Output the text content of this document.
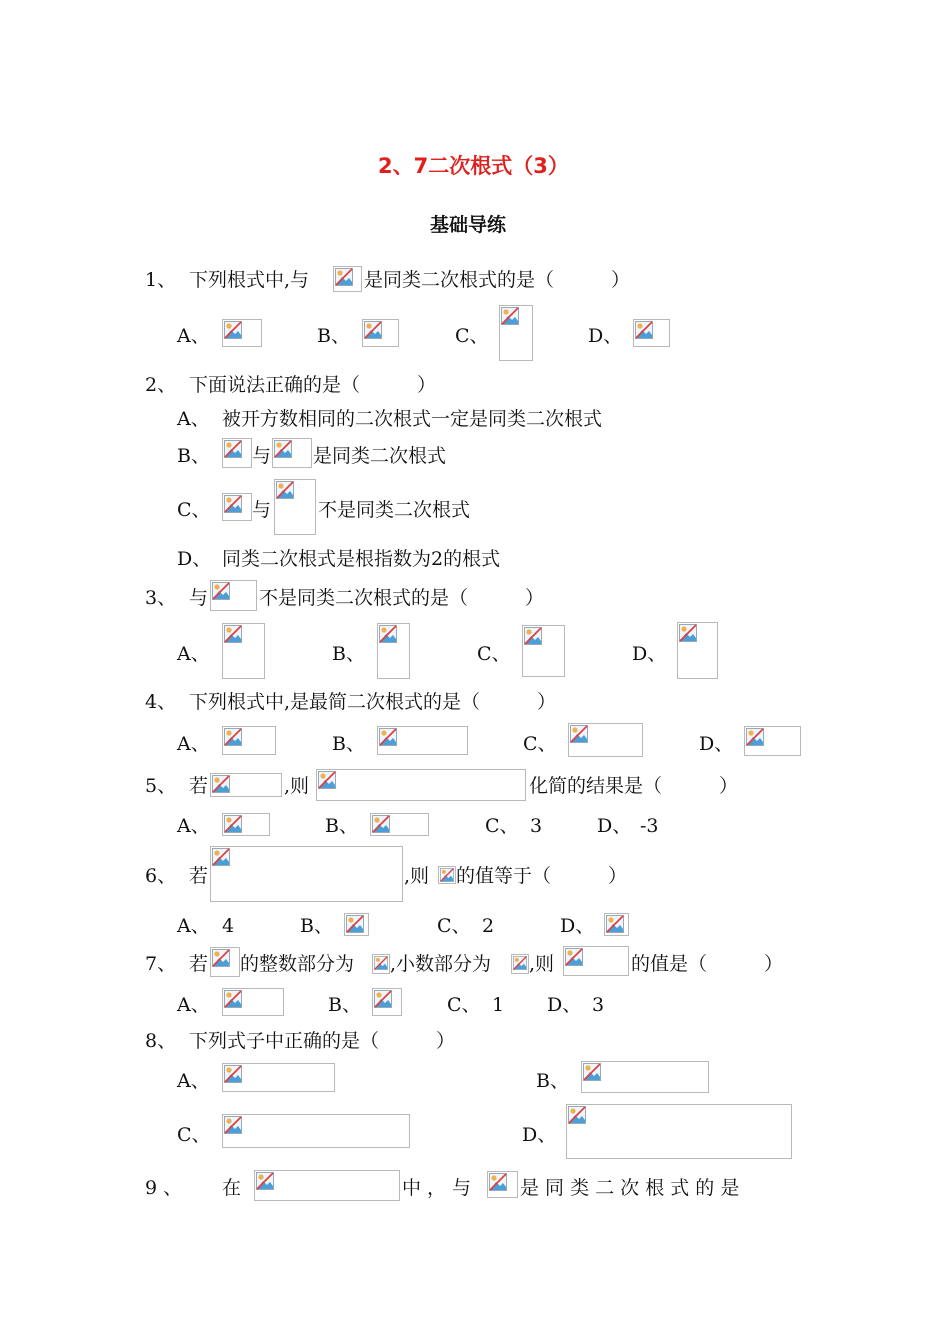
2、7二次根式（3）
基础导练
1、 下列根式中,与	是同类二次根式的是（　　　）
A、	B、	C、	D、
2、 下面说法正确的是（　　　）
A、 被开方数相同的二次根式一定是同类二次根式
B、 与 是同类二次根式
C、 与 不是同类二次根式
D、 同类二次根式是根指数为2的根式
3、 与	不是同类二次根式的是（　　　）
A、	B、	C、	D、
4、 下列根式中,是最简二次根式的是（　　　）
A、	B、	C、	D、
5、 若	,则	化简的结果是（　　　）
A、	B、	C、 3	D、 -3
6、 若	,则 的值等于（　　　）
A、 4	B、	C、 2	D、
7、 若 的整数部分为 ,小数部分为 ,则	的值是（　　　）
A、	B、	C、 1 D、 3
8、 下列式子中正确的是（　　　）
A、	B、
C、	D、
9 、 在	中，与 是 同 类 二 次 根 式 的 是
